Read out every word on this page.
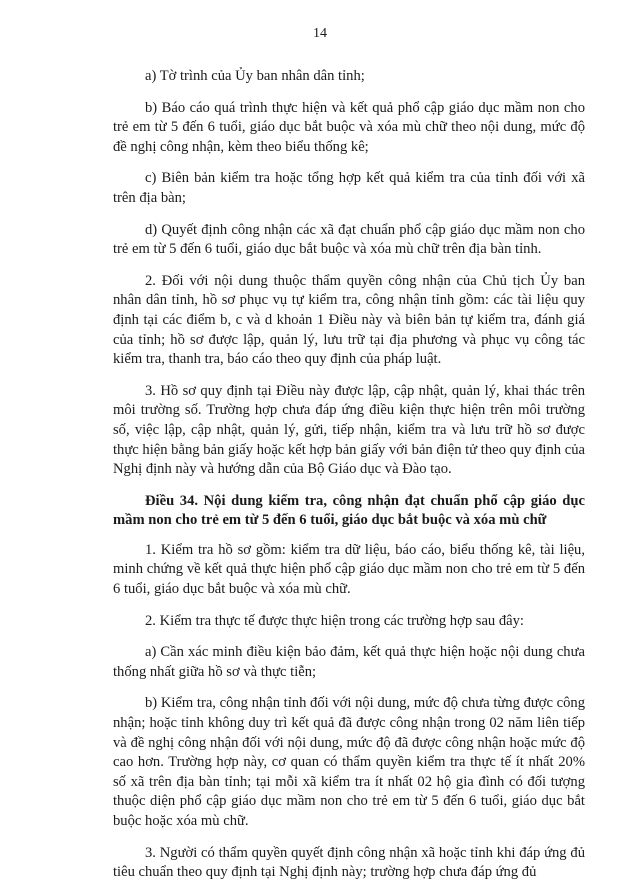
14

a) Tờ trình của Ủy ban nhân dân tỉnh;

b) Báo cáo quá trình thực hiện và kết quả phổ cập giáo dục mầm non cho trẻ em từ 5 đến 6 tuổi, giáo dục bắt buộc và xóa mù chữ theo nội dung, mức độ đề nghị công nhận, kèm theo biểu thống kê;

c) Biên bản kiểm tra hoặc tổng hợp kết quả kiểm tra của tỉnh đối với xã trên địa bàn;

d) Quyết định công nhận các xã đạt chuẩn phổ cập giáo dục mầm non cho trẻ em từ 5 đến 6 tuổi, giáo dục bắt buộc và xóa mù chữ trên địa bàn tỉnh.

2. Đối với nội dung thuộc thẩm quyền công nhận của Chủ tịch Ủy ban nhân dân tỉnh, hồ sơ phục vụ tự kiểm tra, công nhận tỉnh gồm: các tài liệu quy định tại các điểm b, c và d khoản 1 Điều này và biên bản tự kiểm tra, đánh giá của tỉnh; hồ sơ được lập, quản lý, lưu trữ tại địa phương và phục vụ công tác kiểm tra, thanh tra, báo cáo theo quy định của pháp luật.

3. Hồ sơ quy định tại Điều này được lập, cập nhật, quản lý, khai thác trên môi trường số. Trường hợp chưa đáp ứng điều kiện thực hiện trên môi trường số, việc lập, cập nhật, quản lý, gửi, tiếp nhận, kiểm tra và lưu trữ hồ sơ được thực hiện bằng bản giấy hoặc kết hợp bản giấy với bản điện tử theo quy định của Nghị định này và hướng dẫn của Bộ Giáo dục và Đào tạo.

Điều 34. Nội dung kiểm tra, công nhận đạt chuẩn phổ cập giáo dục mầm non cho trẻ em từ 5 đến 6 tuổi, giáo dục bắt buộc và xóa mù chữ

1. Kiểm tra hồ sơ gồm: kiểm tra dữ liệu, báo cáo, biểu thống kê, tài liệu, minh chứng về kết quả thực hiện phổ cập giáo dục mầm non cho trẻ em từ 5 đến 6 tuổi, giáo dục bắt buộc và xóa mù chữ.

2. Kiểm tra thực tế được thực hiện trong các trường hợp sau đây:

a) Cần xác minh điều kiện bảo đảm, kết quả thực hiện hoặc nội dung chưa thống nhất giữa hồ sơ và thực tiễn;

b) Kiểm tra, công nhận tỉnh đối với nội dung, mức độ chưa từng được công nhận; hoặc tỉnh không duy trì kết quả đã được công nhận trong 02 năm liên tiếp và đề nghị công nhận đối với nội dung, mức độ đã được công nhận hoặc mức độ cao hơn. Trường hợp này, cơ quan có thẩm quyền kiểm tra thực tế ít nhất 20% số xã trên địa bàn tỉnh; tại mỗi xã kiểm tra ít nhất 02 hộ gia đình có đối tượng thuộc diện phổ cập giáo dục mầm non cho trẻ em từ 5 đến 6 tuổi, giáo dục bắt buộc hoặc xóa mù chữ.

3. Người có thẩm quyền quyết định công nhận xã hoặc tỉnh khi đáp ứng đủ tiêu chuẩn theo quy định tại Nghị định này; trường hợp chưa đáp ứng đủ
